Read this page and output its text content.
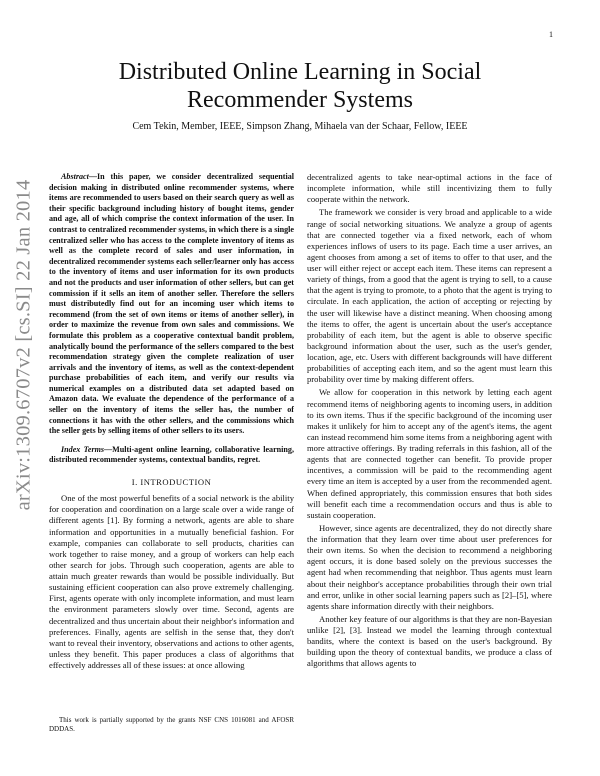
1
arXiv:1309.6707v2 [cs.SI] 22 Jan 2014
Distributed Online Learning in Social
Recommender Systems
Cem Tekin, Member, IEEE, Simpson Zhang, Mihaela van der Schaar, Fellow, IEEE

Abstract—In this paper, we consider decentralized sequential decision making in distributed online recommender systems, where items are recommended to users based on their search query as well as their specific background including history of bought items, gender and age, all of which comprise the context information of the user. In contrast to centralized recommender systems, in which there is a single centralized seller who has access to the complete inventory of items as well as the complete record of sales and user information, in decentralized recommender systems each seller/learner only has access to the inventory of items and user information for its own products and not the products and user information of other sellers, but can get commission if it sells an item of another seller. Therefore the sellers must distributedly find out for an incoming user which items to recommend (from the set of own items or items of another seller), in order to maximize the revenue from own sales and commissions. We formulate this problem as a cooperative contextual bandit problem, analytically bound the performance of the sellers compared to the best recommendation strategy given the complete realization of user arrivals and the inventory of items, as well as the context-dependent purchase probabilities of each item, and verify our results via numerical examples on a distributed data set adapted based on Amazon data. We evaluate the dependence of the performance of a seller on the inventory of items the seller has, the number of connections it has with the other sellers, and the commissions which the seller gets by selling items of other sellers to its users.

Index Terms—Multi-agent online learning, collaborative learning, distributed recommender systems, contextual bandits, regret.

I. INTRODUCTION

One of the most powerful benefits of a social network is the ability for cooperation and coordination on a large scale over a wide range of different agents [1]. By forming a network, agents are able to share information and opportunities in a mutually beneficial fashion. For example, companies can collaborate to sell products, charities can work together to raise money, and a group of workers can help each other search for jobs. Through such cooperation, agents are able to attain much greater rewards than would be possible individually. But sustaining efficient cooperation can also prove extremely challenging. First, agents operate with only incomplete information, and must learn the environment parameters slowly over time. Second, agents are decentralized and thus uncertain about their neighbor's information and preferences. Finally, agents are selfish in the sense that, they don't want to reveal their inventory, observations and actions to other agents, unless they benefit. This paper produces a class of algorithms that effectively addresses all of these issues: at once allowing

This work is partially supported by the grants NSF CNS 1016081 and AFOSR DDDAS.

decentralized agents to take near-optimal actions in the face of incomplete information, while still incentivizing them to fully cooperate within the network.

The framework we consider is very broad and applicable to a wide range of social networking situations. We analyze a group of agents that are connected together via a fixed network, each of whom experiences inflows of users to its page. Each time a user arrives, an agent chooses from among a set of items to offer to that user, and the user will either reject or accept each item. These items can represent a variety of things, from a good that the agent is trying to sell, to a cause that the agent is trying to promote, to a photo that the agent is trying to circulate. In each application, the action of accepting or rejecting by the user will likewise have a distinct meaning. When choosing among the items to offer, the agent is uncertain about the user's acceptance probability of each item, but the agent is able to observe specific background information about the user, such as the user's gender, location, age, etc. Users with different backgrounds will have different probabilities of accepting each item, and so the agent must learn this probability over time by making different offers.

We allow for cooperation in this network by letting each agent recommend items of neighboring agents to incoming users, in addition to its own items. Thus if the specific background of the incoming user makes it unlikely for him to accept any of the agent's items, the agent can instead recommend him some items from a neighboring agent with more attractive offerings. By trading referrals in this fashion, all of the agents that are connected together can benefit. To provide proper incentives, a commission will be paid to the recommending agent every time an item is accepted by a user from the recommended agent. When defined appropriately, this commission ensures that both sides will benefit each time a recommendation occurs and thus is able to sustain cooperation.

However, since agents are decentralized, they do not directly share the information that they learn over time about user preferences for their own items. So when the decision to recommend a neighboring agent occurs, it is done based solely on the previous successes the agent had when recommending that neighbor. Thus agents must learn about their neighbor's acceptance probabilities through their own trial and error, unlike in other social learning papers such as [2]–[5], where agents share information directly with their neighbors.

Another key feature of our algorithms is that they are non-Bayesian unlike [2], [3]. Instead we model the learning through contextual bandits, where the context is based on the user's background. By building upon the theory of contextual bandits, we produce a class of algorithms that allows agents to
